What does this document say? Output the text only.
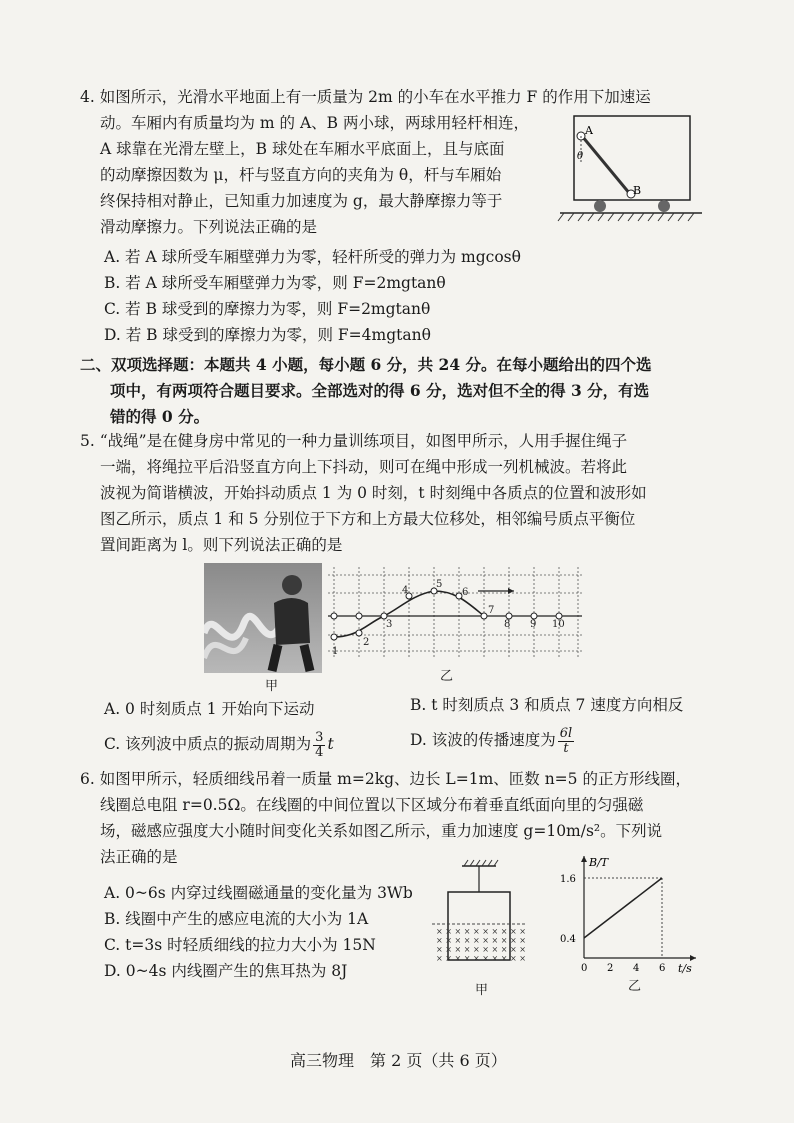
4. 如图所示，光滑水平地面上有一质量为 2m 的小车在水平推力 F 的作用下加速运
动。车厢内有质量均为 m 的 A、B 两小球，两球用轻杆相连，
A 球靠在光滑左壁上，B 球处在车厢水平底面上，且与底面
的动摩擦因数为 μ，杆与竖直方向的夹角为 θ，杆与车厢始
终保持相对静止，已知重力加速度为 g，最大静摩擦力等于
滑动摩擦力。下列说法正确的是
A
θ
B
A. 若 A 球所受车厢壁弹力为零，轻杆所受的弹力为 mgcosθ
B. 若 A 球所受车厢壁弹力为零，则 F=2mgtanθ
C. 若 B 球受到的摩擦力为零，则 F=2mgtanθ
D. 若 B 球受到的摩擦力为零，则 F=4mgtanθ
二、双项选择题：本题共 4 小题，每小题 6 分，共 24 分。在每小题给出的四个选
项中，有两项符合题目要求。全部选对的得 6 分，选对但不全的得 3 分，有选
错的得 0 分。
5. “战绳”是在健身房中常见的一种力量训练项目，如图甲所示，人用手握住绳子
一端，将绳拉平后沿竖直方向上下抖动，则可在绳中形成一列机械波。若将此
波视为简谐横波，开始抖动质点 1 为 0 时刻，t 时刻绳中各质点的位置和波形如
图乙所示，质点 1 和 5 分别位于下方和上方最大位移处，相邻编号质点平衡位
置间距离为 l。则下列说法正确的是
甲
1
2
3
4
5
6
7
8 9 10
乙
A. 0 时刻质点 1 开始向下运动	B. t 时刻质点 3 和质点 7 速度方向相反
C. 该列波中质点的振动周期为 $\frac{3}{4}$ t	D. 该波的传播速度为 $\frac{6l}{t}$
6. 如图甲所示，轻质细线吊着一质量 m=2kg、边长 L=1m、匝数 n=5 的正方形线圈，
线圈总电阻 r=0.5Ω。在线圈的中间位置以下区域分布着垂直纸面向里的匀强磁
场，磁感应强度大小随时间变化关系如图乙所示，重力加速度 g=10m/s²。下列说
法正确的是
A. 0~6s 内穿过线圈磁通量的变化量为 3Wb
B. 线圈中产生的感应电流的大小为 1A
C. t=3s 时轻质细线的拉力大小为 15N
D. 0~4s 内线圈产生的焦耳热为 8J
× × × × × × × × × ×
× × × × × × × × × ×
× × × × × × × × × ×
× × × × × × × × × ×
甲
B/T
t/s
1.6
0.4
0 2 4 6
乙
高三物理　第 2 页（共 6 页）
